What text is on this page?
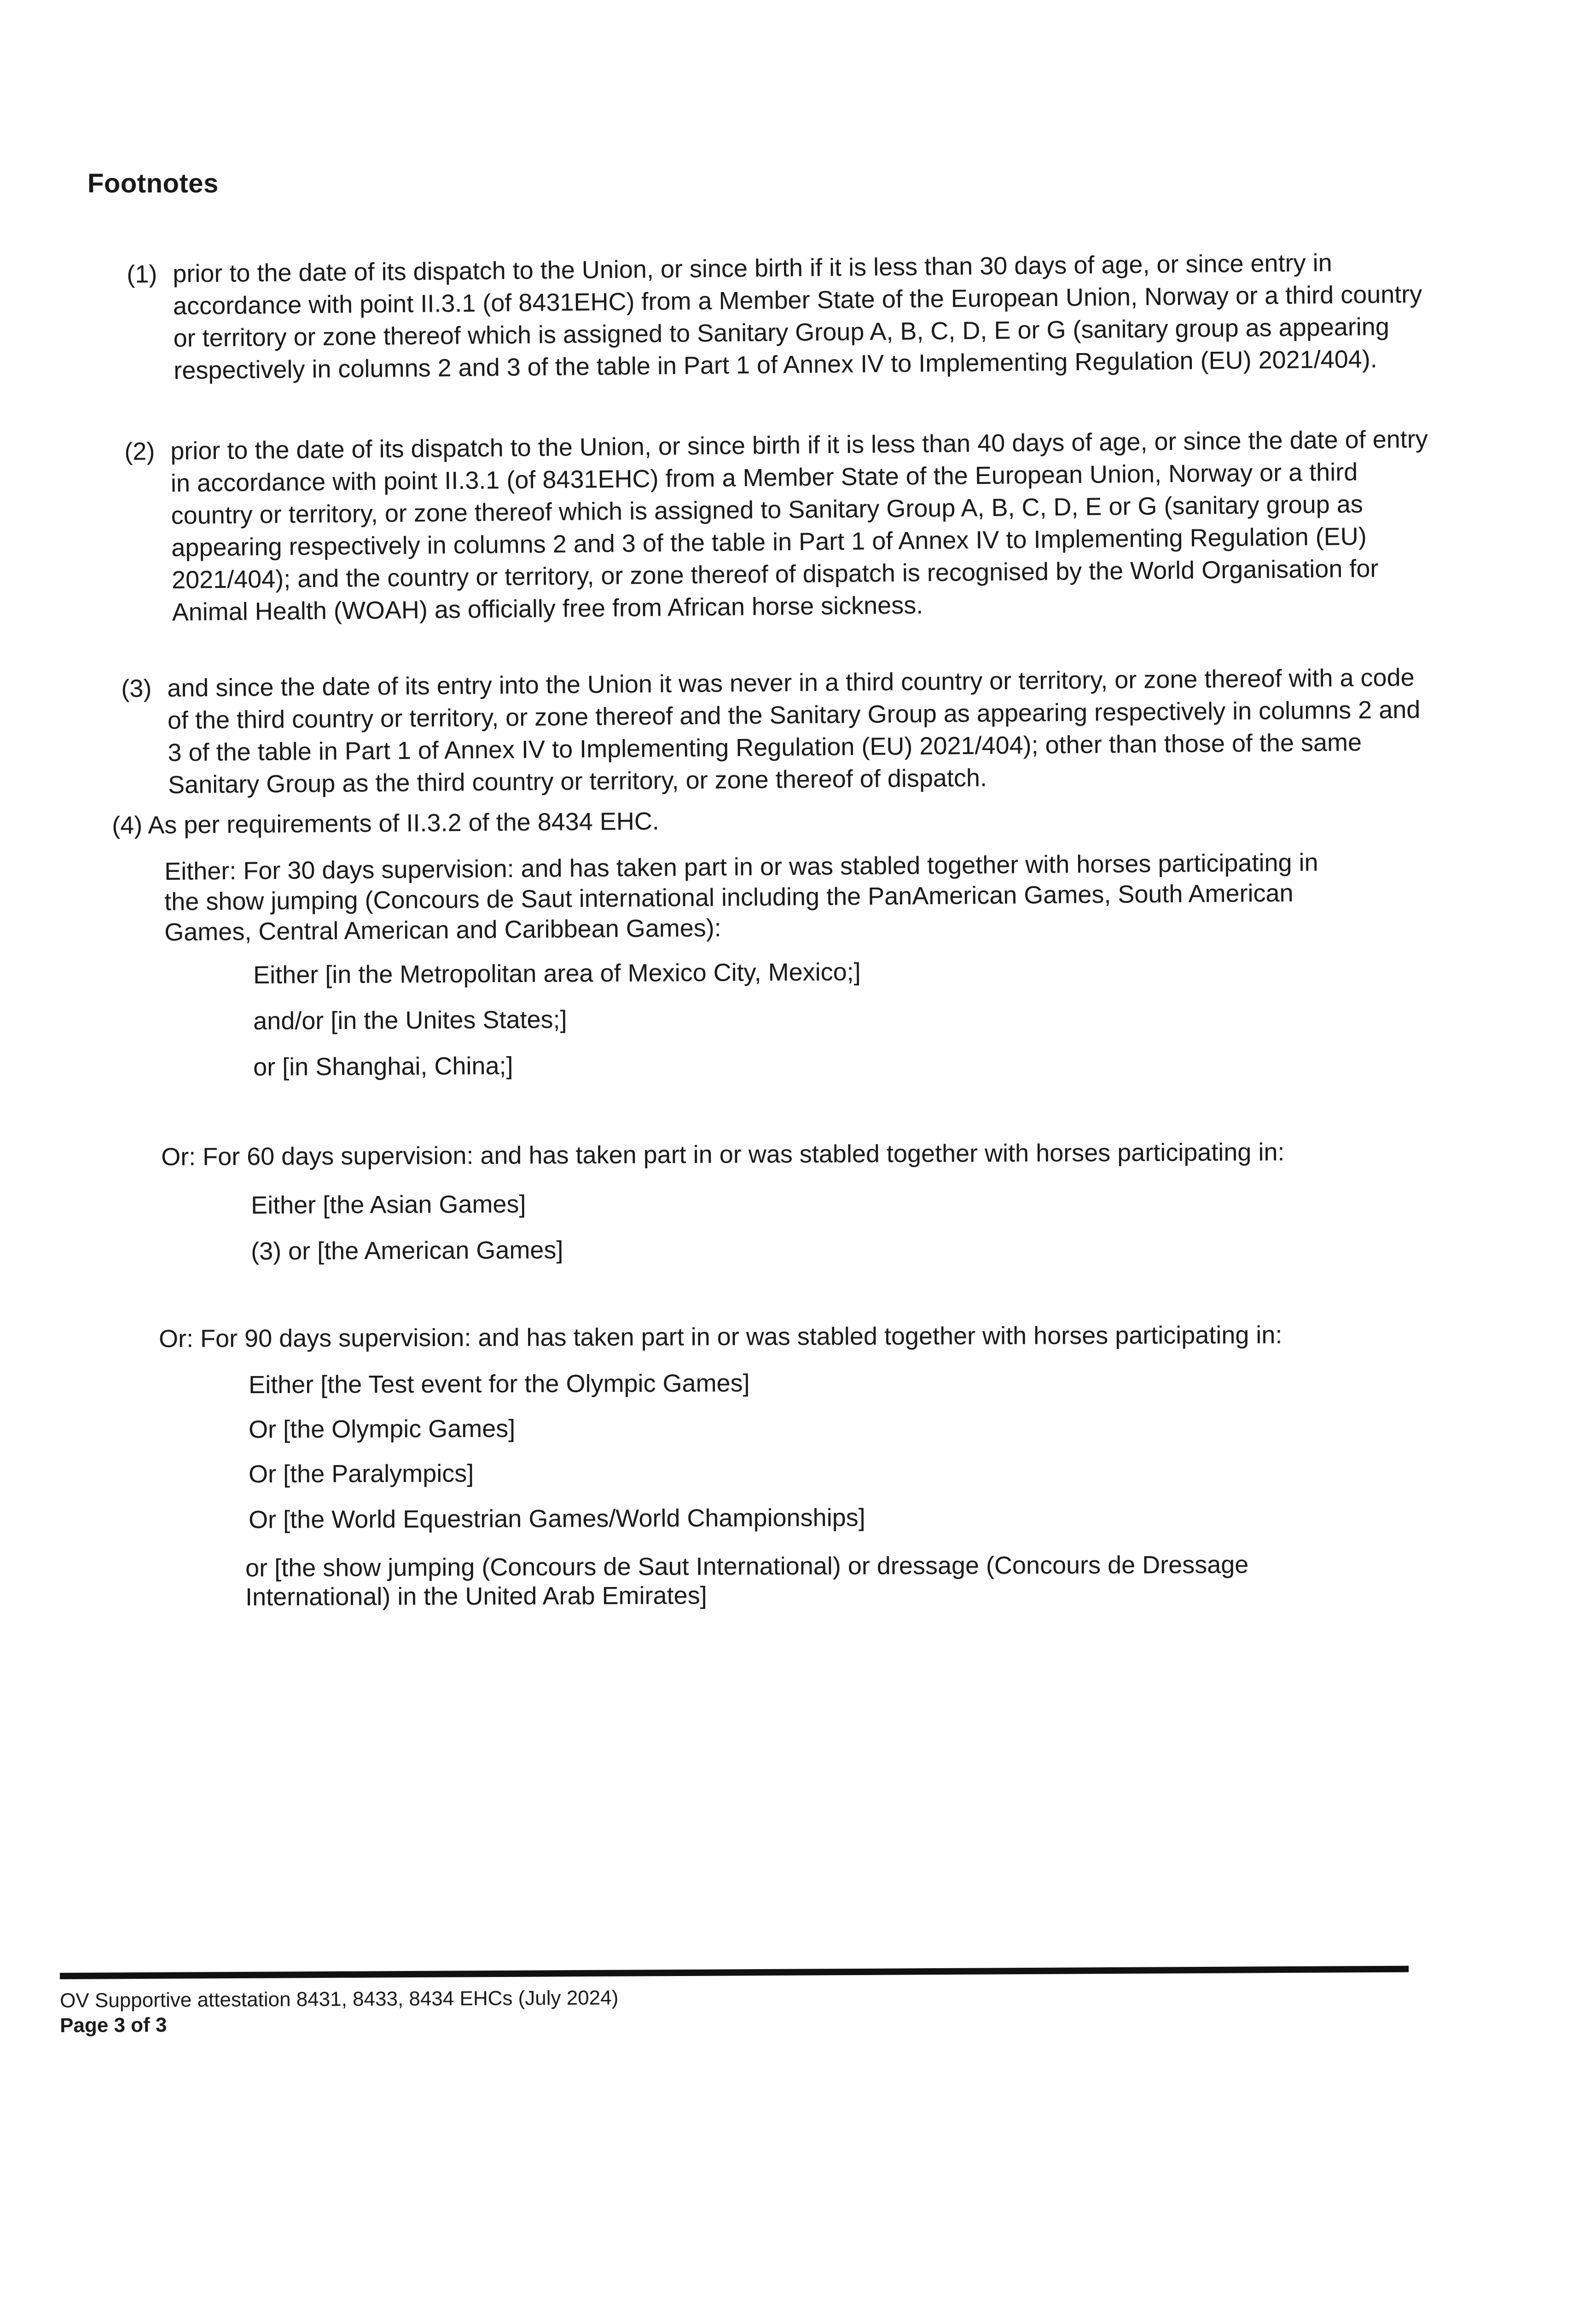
Footnotes
(1) prior to the date of its dispatch to the Union, or since birth if it is less than 30 days of age, or since entry in accordance with point II.3.1 (of 8431EHC) from a Member State of the European Union, Norway or a third country or territory or zone thereof which is assigned to Sanitary Group A, B, C, D, E or G (sanitary group as appearing respectively in columns 2 and 3 of the table in Part 1 of Annex IV to Implementing Regulation (EU) 2021/404).
(2) prior to the date of its dispatch to the Union, or since birth if it is less than 40 days of age, or since the date of entry in accordance with point II.3.1 (of 8431EHC) from a Member State of the European Union, Norway or a third country or territory, or zone thereof which is assigned to Sanitary Group A, B, C, D, E or G (sanitary group as appearing respectively in columns 2 and 3 of the table in Part 1 of Annex IV to Implementing Regulation (EU) 2021/404); and the country or territory, or zone thereof of dispatch is recognised by the World Organisation for Animal Health (WOAH) as officially free from African horse sickness.
(3) and since the date of its entry into the Union it was never in a third country or territory, or zone thereof with a code of the third country or territory, or zone thereof and the Sanitary Group as appearing respectively in columns 2 and 3 of the table in Part 1 of Annex IV to Implementing Regulation (EU) 2021/404); other than those of the same Sanitary Group as the third country or territory, or zone thereof of dispatch.
(4) As per requirements of II.3.2 of the 8434 EHC.
Either: For 30 days supervision: and has taken part in or was stabled together with horses participating in
the show jumping (Concours de Saut international including the PanAmerican Games, South American
Games, Central American and Caribbean Games):
Either [in the Metropolitan area of Mexico City, Mexico;]
and/or [in the Unites States;]
or [in Shanghai, China;]
Or: For 60 days supervision: and has taken part in or was stabled together with horses participating in:
Either [the Asian Games]
(3) or [the American Games]
Or: For 90 days supervision: and has taken part in or was stabled together with horses participating in:
Either [the Test event for the Olympic Games]
Or [the Olympic Games]
Or [the Paralympics]
Or [the World Equestrian Games/World Championships]
or [the show jumping (Concours de Saut International) or dressage (Concours de Dressage
International) in the United Arab Emirates]
OV Supportive attestation 8431, 8433, 8434 EHCs (July 2024)
Page 3 of 3
